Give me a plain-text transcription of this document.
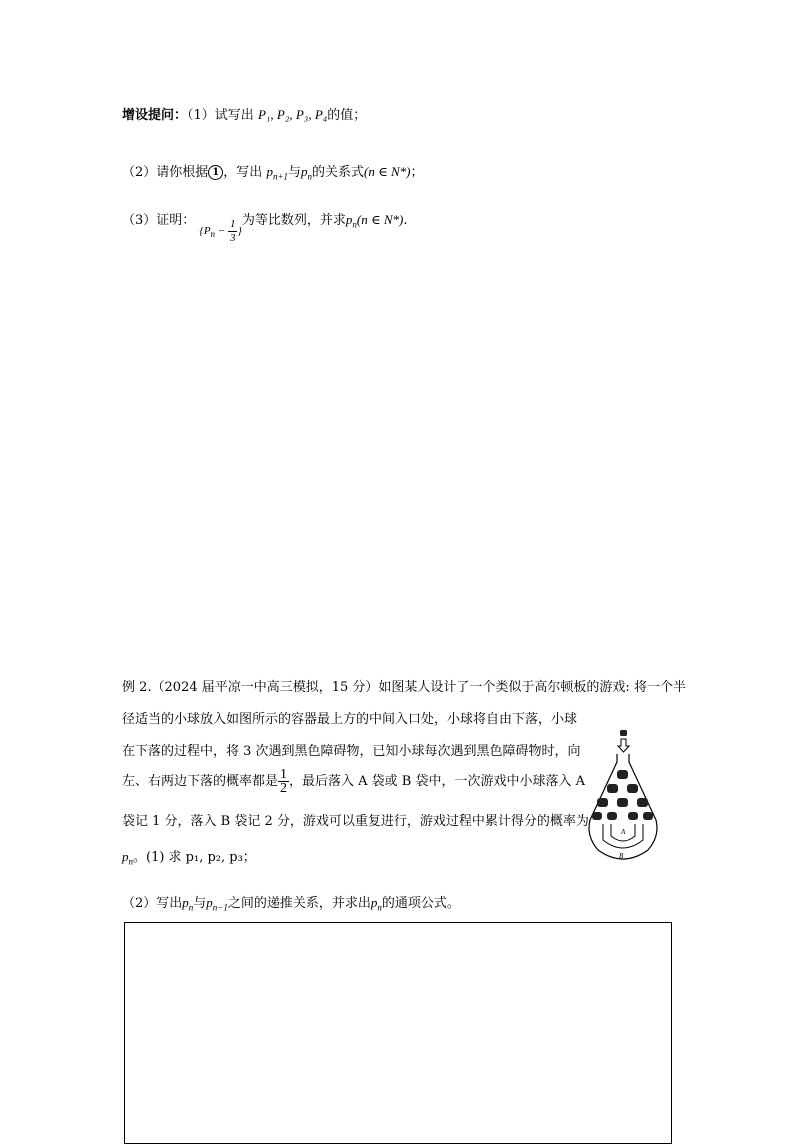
增设提问：（1）试写出 P₁, P₂, P₃, P₄的值；
（2）请你根据 1 ，写出 $p_{n+1}$与$p_n$的关系式(n ∈ N*)；
（3）证明： $_{\{P_n - \frac{1}{3} \}}$为等比数列，并求$p_n(n$ ∈ N*).
例 2.（2024 届平凉一中高三模拟，15 分）如图某人设计了一个类似于高尔顿板的游戏: 将一个半
径适当的小球放入如图所示的容器最上方的中间入口处，小球将自由下落，小球
在下落的过程中，将 3 次遇到黑色障碍物，已知小球每次遇到黑色障碍物时，向
左、右两边下落的概率都是 $\frac{1}{2}$ ，最后落入 A 袋或 B 袋中，一次游戏中小球落入 A
袋记 1 分，落入 B 袋记 2 分，游戏可以重复进行，游戏过程中累计得分的概率为
$p_n$。(1) 求 p₁, p₂, p₃；
（2）写出$p_n$与$p_{n-1}$之间的递推关系，并求出$p_n$的通项公式。
A
B
